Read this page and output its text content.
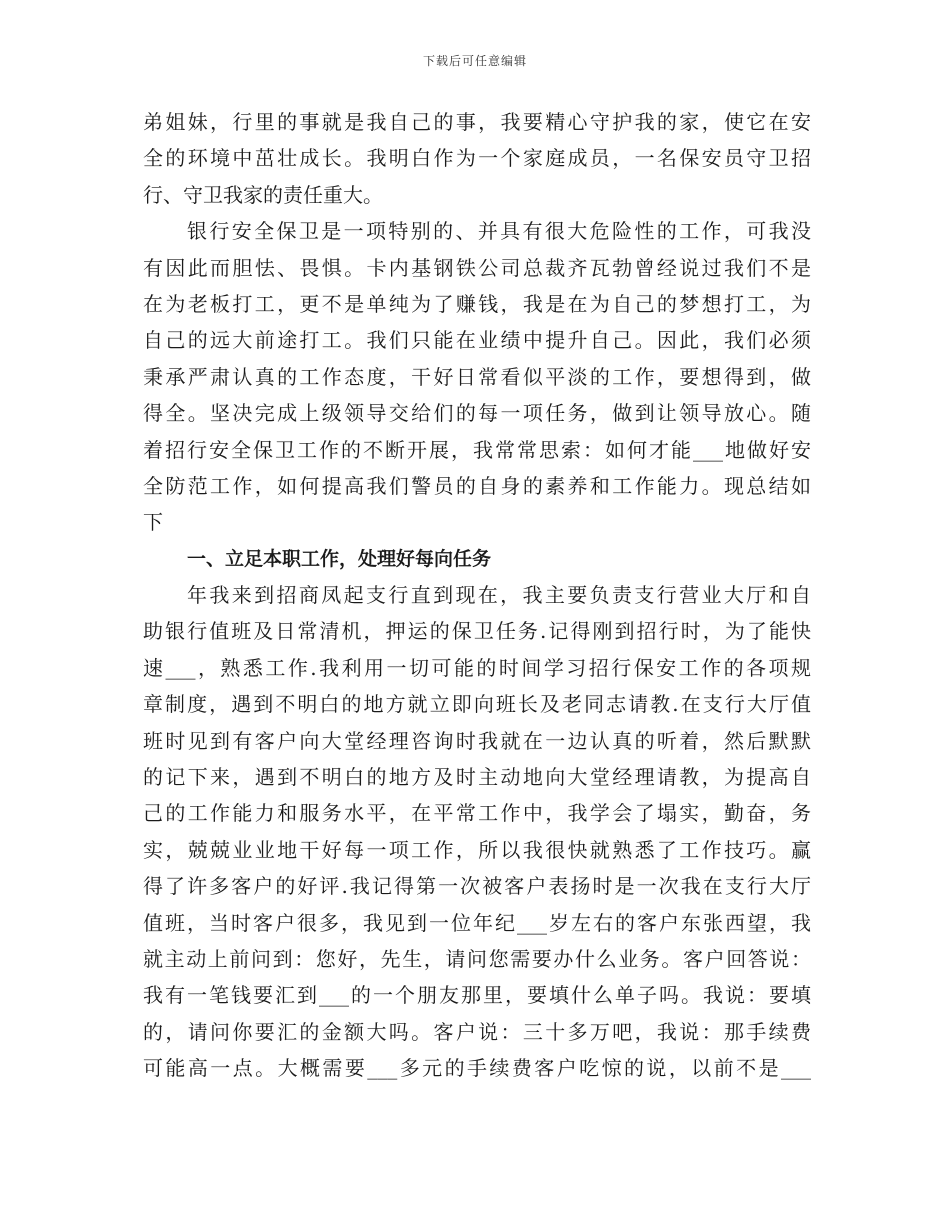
下载后可任意编辑
弟姐妹，行里的事就是我自己的事，我要精心守护我的家，使它在安
全的环境中茁壮成长。我明白作为一个家庭成员，一名保安员守卫招
行、守卫我家的责任重大。
银行安全保卫是一项特别的、并具有很大危险性的工作，可我没
有因此而胆怯、畏惧。卡内基钢铁公司总裁齐瓦勃曾经说过我们不是
在为老板打工，更不是单纯为了赚钱，我是在为自己的梦想打工，为
自己的远大前途打工。我们只能在业绩中提升自己。因此，我们必须
秉承严肃认真的工作态度，干好日常看似平淡的工作，要想得到，做
得全。坚决完成上级领导交给们的每一项任务，做到让领导放心。随
着招行安全保卫工作的不断开展，我常常思索：如何才能___地做好安
全防范工作，如何提高我们警员的自身的素养和工作能力。现总结如
下
一、立足本职工作，处理好每向任务
年我来到招商凤起支行直到现在，我主要负责支行营业大厅和自
助银行值班及日常清机，押运的保卫任务.记得刚到招行时，为了能快
速___，熟悉工作.我利用一切可能的时间学习招行保安工作的各项规
章制度，遇到不明白的地方就立即向班长及老同志请教.在支行大厅值
班时见到有客户向大堂经理咨询时我就在一边认真的听着，然后默默
的记下来，遇到不明白的地方及时主动地向大堂经理请教，为提高自
己的工作能力和服务水平，在平常工作中，我学会了塌实，勤奋，务
实，兢兢业业地干好每一项工作，所以我很快就熟悉了工作技巧。赢
得了许多客户的好评.我记得第一次被客户表扬时是一次我在支行大厅
值班，当时客户很多，我见到一位年纪___岁左右的客户东张西望，我
就主动上前问到：您好，先生，请问您需要办什么业务。客户回答说：
我有一笔钱要汇到___的一个朋友那里，要填什么单子吗。我说：要填
的，请问你要汇的金额大吗。客户说：三十多万吧，我说：那手续费
可能高一点。大概需要___多元的手续费客户吃惊的说，以前不是___
